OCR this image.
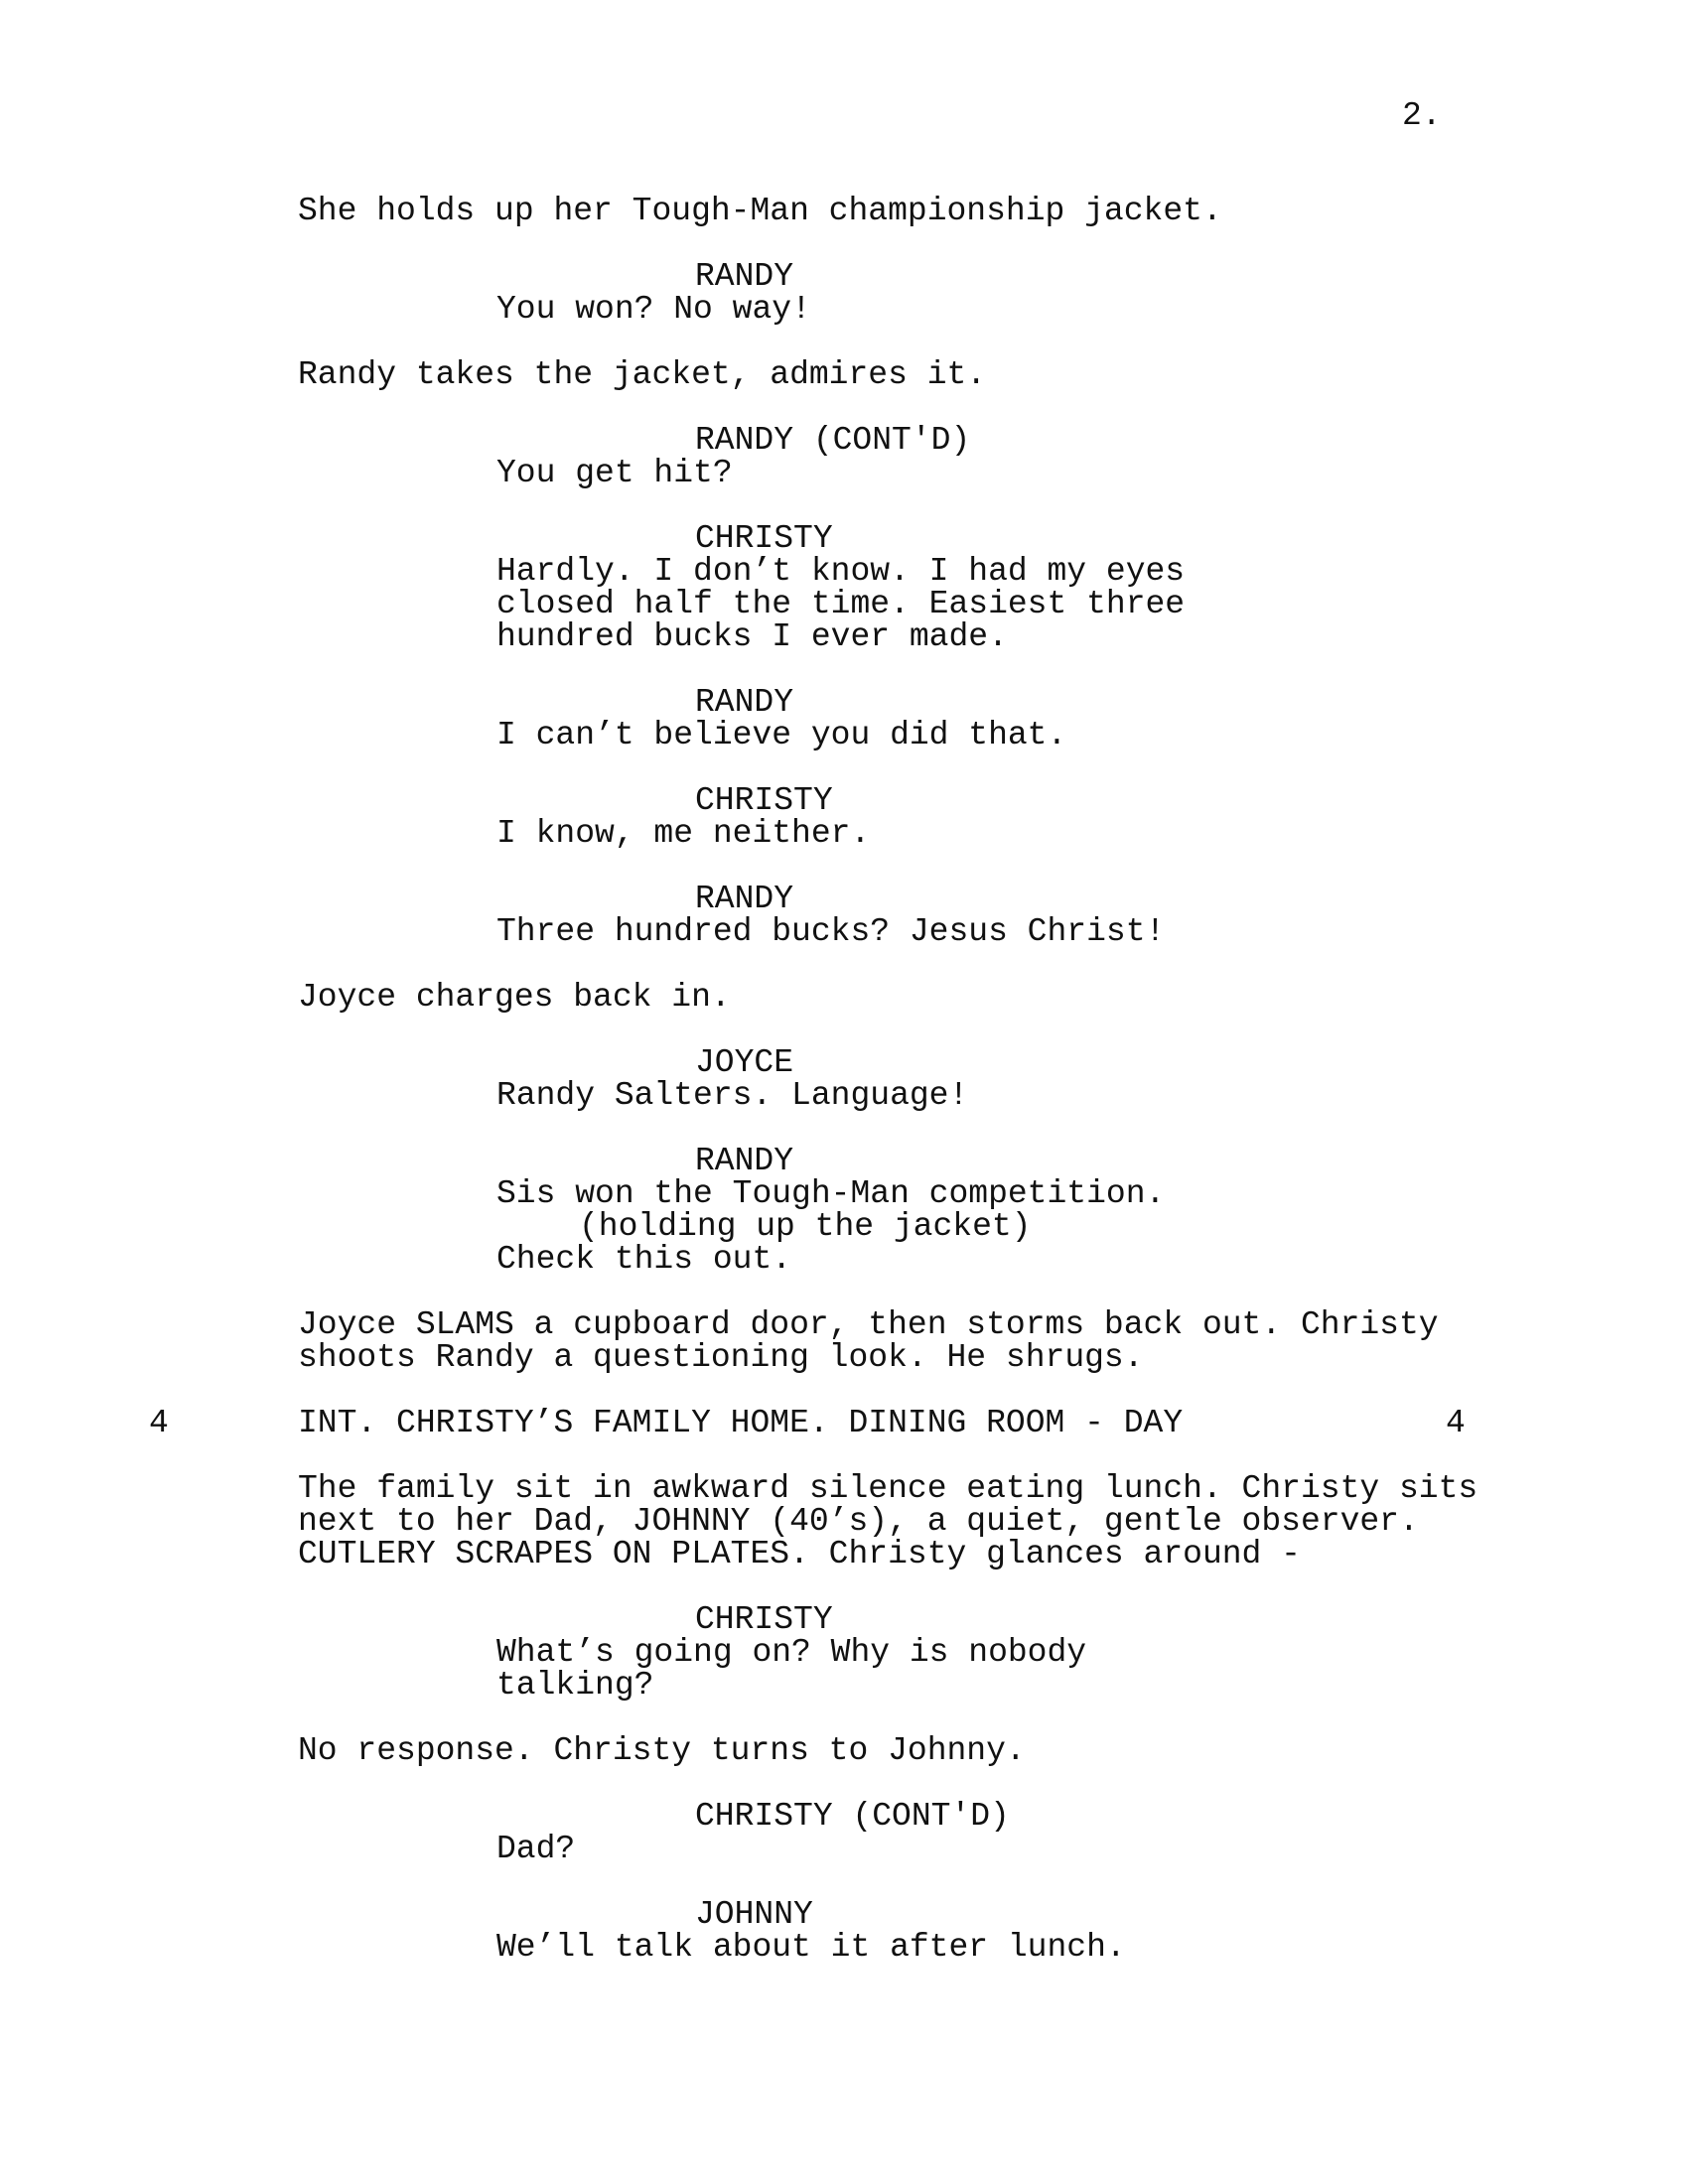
2.
She holds up her Tough-Man championship jacket.
RANDY
You won? No way!
Randy takes the jacket, admires it.
RANDY (CONT'D)
You get hit?
CHRISTY
Hardly. I don’t know. I had my eyes
closed half the time. Easiest three
hundred bucks I ever made.
RANDY
I can’t believe you did that.
CHRISTY
I know, me neither.
RANDY
Three hundred bucks? Jesus Christ!
Joyce charges back in.
JOYCE
Randy Salters. Language!
RANDY
Sis won the Tough-Man competition.
(holding up the jacket)
Check this out.
Joyce SLAMS a cupboard door, then storms back out. Christy
shoots Randy a questioning look. He shrugs.
4	INT. CHRISTY’S FAMILY HOME. DINING ROOM - DAY	4
The family sit in awkward silence eating lunch. Christy sits
next to her Dad, JOHNNY (40’s), a quiet, gentle observer.
CUTLERY SCRAPES ON PLATES. Christy glances around -
CHRISTY
What’s going on? Why is nobody
talking?
No response. Christy turns to Johnny.
CHRISTY (CONT'D)
Dad?
JOHNNY
We’ll talk about it after lunch.
